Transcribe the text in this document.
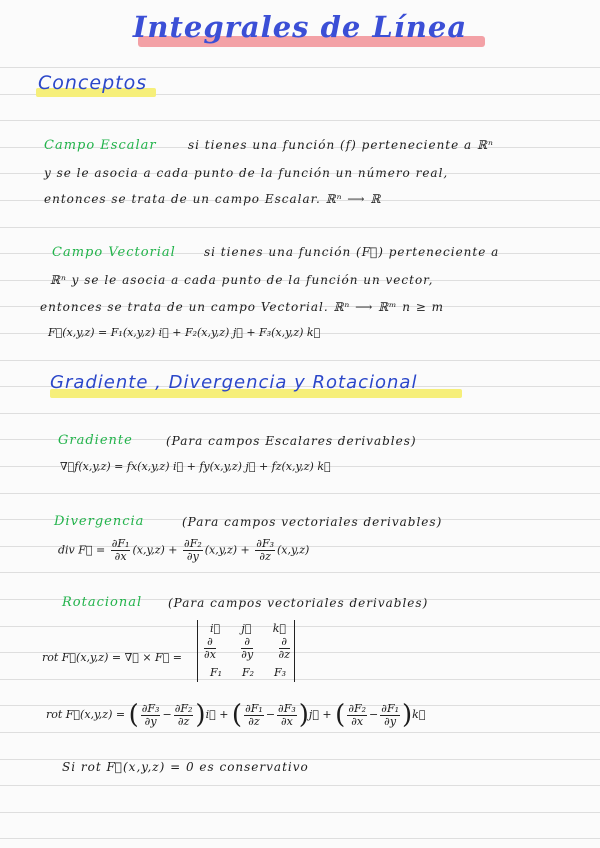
Integrales de Línea
Conceptos
Campo Escalar	si tienes una función (f) perteneciente a ℝⁿ
y se le asocia a cada punto de la función un número real,
entonces se trata de un campo Escalar. ℝⁿ ⟶ ℝ
Campo Vectorial si tienes una función (F⃗) perteneciente a
ℝⁿ y se le asocia a cada punto de la función un vector,
entonces se trata de un campo Vectorial. ℝⁿ ⟶ ℝᵐ n ≥ m
F⃗(x,y,z) = F₁(x,y,z) i⃗ + F₂(x,y,z) j⃗ + F₃(x,y,z) k⃗
Gradiente , Divergencia y Rotacional
Gradiente	(Para campos Escalares derivables)
∇⃗f(x,y,z) = fx(x,y,z) i⃗ + fy(x,y,z) j⃗ + fz(x,y,z) k⃗
Divergencia	(Para campos vectoriales derivables)
div F⃗ = $\frac{\text{∂F₁}}{\partial x} (x,y,z) + \frac{\text{∂F₂}}{\partial y} (x,y,z) + \frac{\text{∂F₃}}{\partial z} (x,y,z)$
Rotacional (Para campos vectoriales derivables)
rot F⃗(x,y,z) = ∇⃗ × F⃗ =
i⃗ j⃗ k⃗
$\frac{\partial}{\partial x} \frac{\partial}{\partial y} \frac{\partial}{\partial z}$
F₁ F₂ F₃
rot F⃗(x,y,z) = ( $\frac{\text{∂F₃}}{\partial y} - \frac{\text{∂F₂}}{\partial z}$ )i⃗ + ( $\frac{\text{∂F₁}}{\partial z} - \frac{\text{∂F₃}}{\partial x}$ )j⃗ + ( $\frac{\text{∂F₂}}{\partial x} - \frac{\text{∂F₁}}{\partial y}$ )k⃗
Si rot F⃗(x,y,z) = 0 es conservativo
